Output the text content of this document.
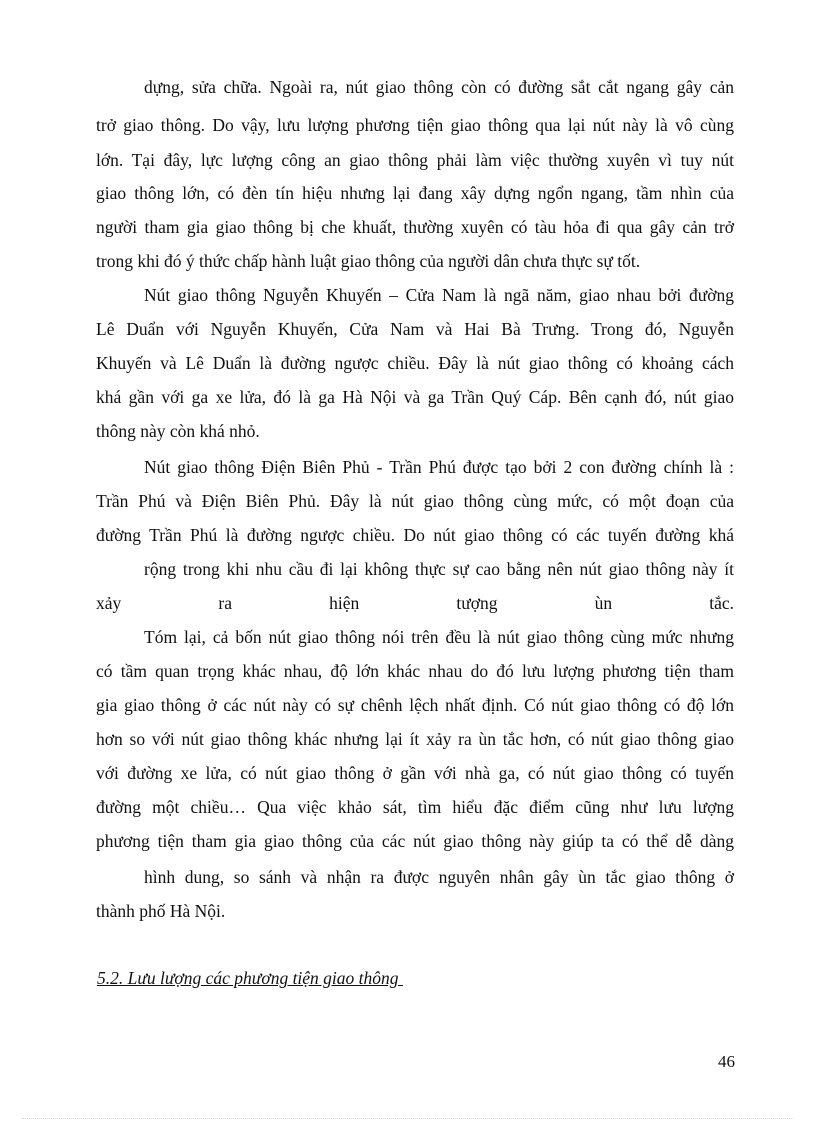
dựng, sửa chữa. Ngoài ra, nút giao thông còn có đường sắt cắt ngang gây cản
trở giao thông. Do vậy, lưu lượng phương tiện giao thông qua lại nút này là vô cùng
lớn. Tại đây, lực lượng công an giao thông phải làm việc thường xuyên vì tuy nút
giao thông lớn, có đèn tín hiệu nhưng lại đang xây dựng ngổn ngang, tầm nhìn của
người tham gia giao thông bị che khuất, thường xuyên có tàu hỏa đi qua gây cản trở
trong khi đó ý thức chấp hành luật giao thông của người dân chưa thực sự tốt.
Nút giao thông Nguyễn Khuyến – Cửa Nam là ngã năm, giao nhau bởi đường
Lê Duẩn với Nguyễn Khuyến, Cửa Nam và Hai Bà Trưng. Trong đó, Nguyễn
Khuyến và Lê Duẩn là đường ngược chiều. Đây là nút giao thông có khoảng cách
khá gần với ga xe lửa, đó là ga Hà Nội và ga Trần Quý Cáp. Bên cạnh đó, nút giao
thông này còn khá nhỏ.
Nút giao thông Điện Biên Phủ - Trần Phú được tạo bởi 2 con đường chính là :
Trần Phú và Điện Biên Phủ. Đây là nút giao thông cùng mức, có một đoạn của
đường Trần Phú là đường ngược chiều. Do nút giao thông có các tuyến đường khá
rộng trong khi nhu cầu đi lại không thực sự cao bằng nên nút giao thông này ít
xảy ra hiện tượng ùn tắc.
Tóm lại, cả bốn nút giao thông nói trên đều là nút giao thông cùng mức nhưng
có tầm quan trọng khác nhau, độ lớn khác nhau do đó lưu lượng phương tiện tham
gia giao thông ở các nút này có sự chênh lệch nhất định. Có nút giao thông có độ lớn
hơn so với nút giao thông khác nhưng lại ít xảy ra ùn tắc hơn, có nút giao thông giao
với đường xe lửa, có nút giao thông ở gần với nhà ga, có nút giao thông có tuyến
đường một chiều… Qua việc khảo sát, tìm hiểu đặc điểm cũng như lưu lượng
phương tiện tham gia giao thông của các nút giao thông này giúp ta có thể dễ dàng
hình dung, so sánh và nhận ra được nguyên nhân gây ùn tắc giao thông ở
thành phố Hà Nội.
5.2. Lưu lượng các phương tiện giao thông
46
